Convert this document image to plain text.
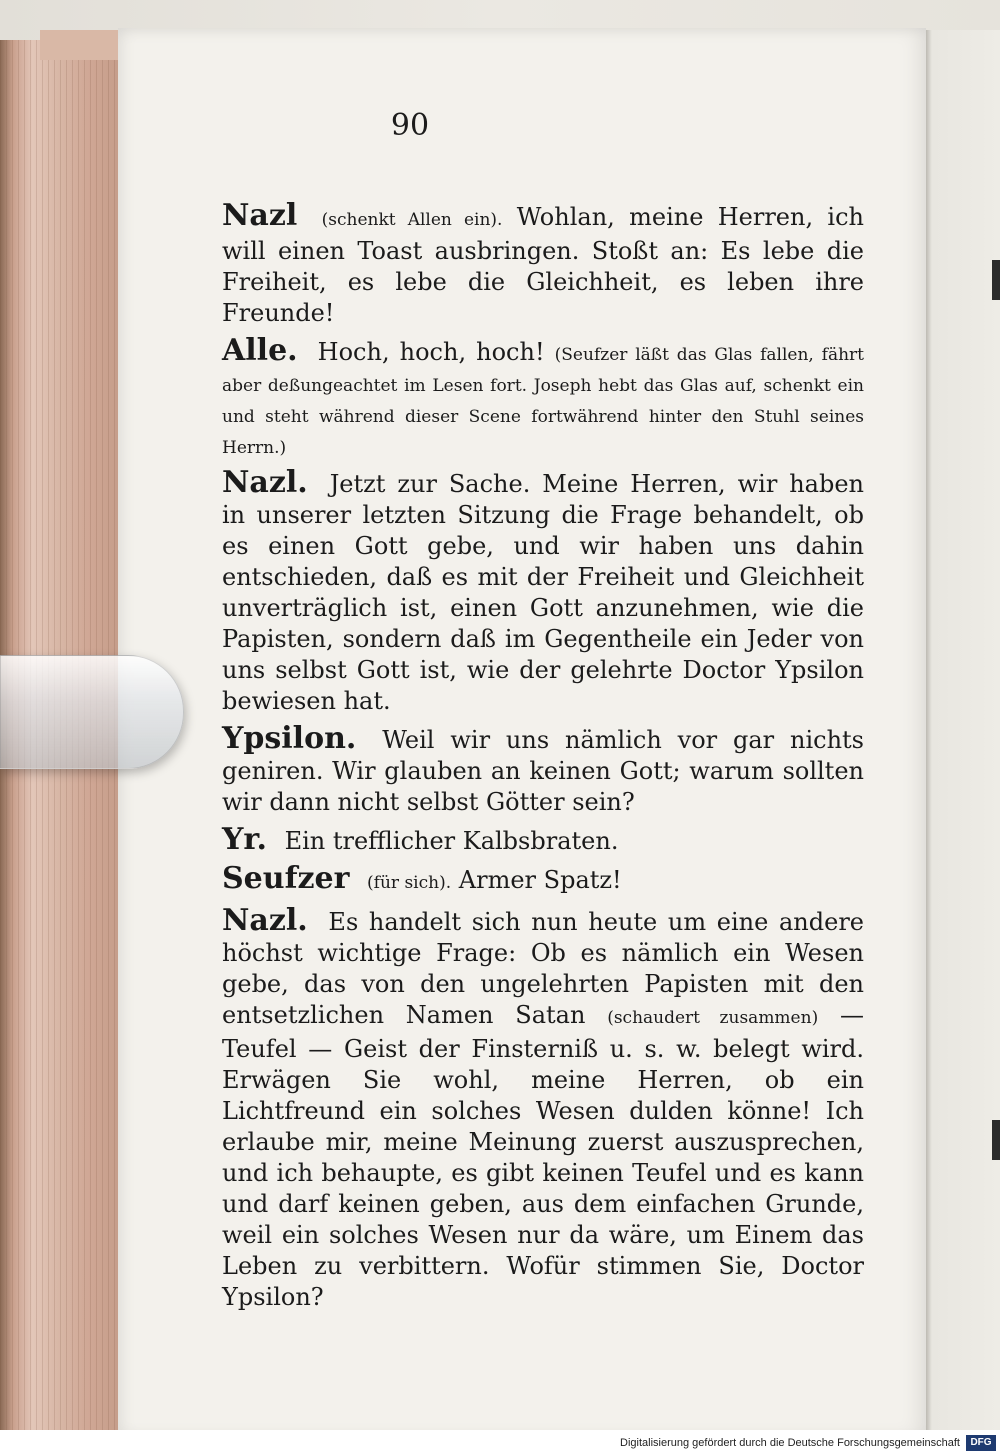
90

Nazl (schenkt Allen ein). Wohlan, meine Herren, ich will einen Toast ausbringen. Stoßt an: Es lebe die Freiheit, es lebe die Gleichheit, es leben ihre Freunde!

Alle. Hoch, hoch, hoch! (Seufzer läßt das Glas fallen, fährt aber deßungeachtet im Lesen fort. Joseph hebt das Glas auf, schenkt ein und steht während dieser Scene fortwährend hinter den Stuhl seines Herrn.)

Nazl. Jetzt zur Sache. Meine Herren, wir haben in unserer letzten Sitzung die Frage behandelt, ob es einen Gott gebe, und wir haben uns dahin entschieden, daß es mit der Freiheit und Gleichheit unverträglich ist, einen Gott anzunehmen, wie die Papisten, sondern daß im Gegentheile ein Jeder von uns selbst Gott ist, wie der gelehrte Doctor Ypsilon bewiesen hat.

Ypsilon. Weil wir uns nämlich vor gar nichts geniren. Wir glauben an keinen Gott; warum sollten wir dann nicht selbst Götter sein?

Yr. Ein trefflicher Kalbsbraten.

Seufzer (für sich). Armer Spatz!

Nazl. Es handelt sich nun heute um eine andere höchst wichtige Frage: Ob es nämlich ein Wesen gebe, das von den ungelehrten Papisten mit den entsetzlichen Namen Satan (schaudert zusammen) — Teufel — Geist der Finsterniß u. s. w. belegt wird. Erwägen Sie wohl, meine Herren, ob ein Lichtfreund ein solches Wesen dulden könne! Ich erlaube mir, meine Meinung zuerst auszusprechen, und ich behaupte, es gibt keinen Teufel und es kann und darf keinen geben, aus dem einfachen Grunde, weil ein solches Wesen nur da wäre, um Einem das Leben zu verbittern. Wofür stimmen Sie, Doctor Ypsilon?

Digitalisierung gefördert durch die Deutsche Forschungsgemeinschaft	DFG
